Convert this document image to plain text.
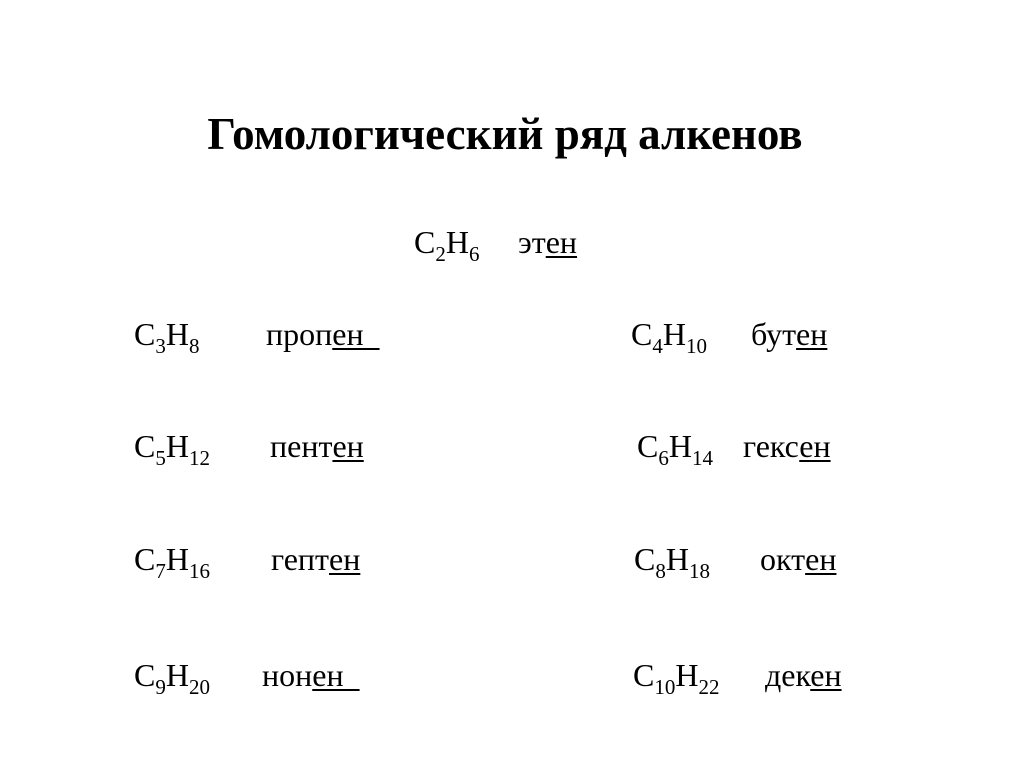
Гомологический ряд алкенов
$C_2H_6$ этен
$C_3H_8$ пропен
$C_5H_{12}$ пентен
$C_7H_{16}$ гептен
$C_9H_{20}$ нонен
$C_4H_{10}$ бутен
$C_6H_{14}$ гексен
$C_8H_{18}$ октен
$C_{10}H_{22}$ декен
